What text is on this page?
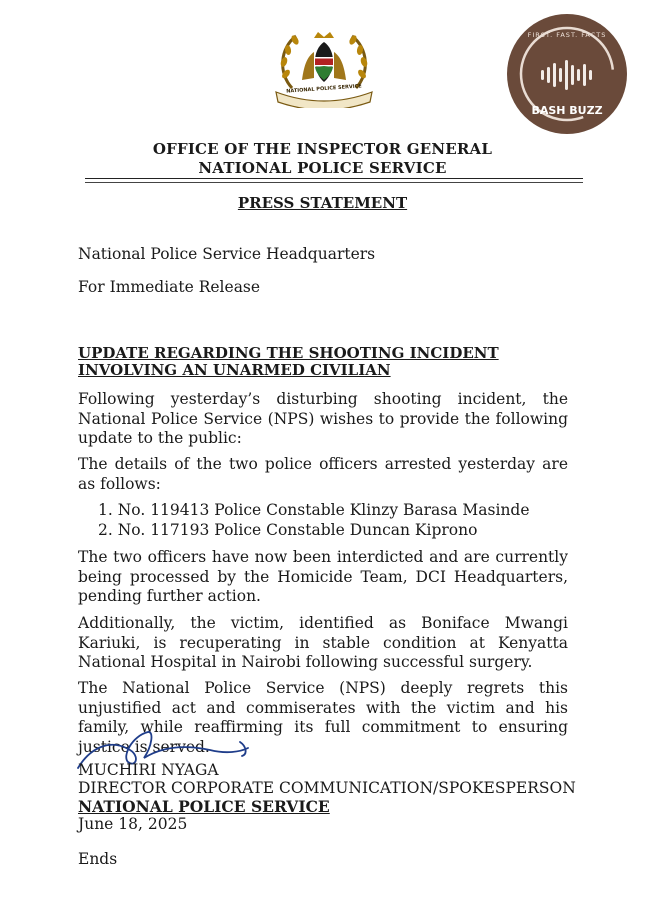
NATIONAL POLICE SERVICE
FIRST. FAST. FACTS
BASH BUZZ
OFFICE OF THE INSPECTOR GENERAL
NATIONAL POLICE SERVICE
PRESS STATEMENT
National Police Service Headquarters
For Immediate Release
UPDATE REGARDING THE SHOOTING INCIDENT INVOLVING AN UNARMED CIVILIAN
Following yesterday’s disturbing shooting incident, the National Police Service (NPS) wishes to provide the following update to the public:
The details of the two police officers arrested yesterday are as follows:
1. No. 119413 Police Constable Klinzy Barasa Masinde
2. No. 117193 Police Constable Duncan Kiprono
The two officers have now been interdicted and are currently being processed by the Homicide Team, DCI Headquarters, pending further action.
Additionally, the victim, identified as Boniface Mwangi Kariuki, is recuperating in stable condition at Kenyatta National Hospital in Nairobi following successful surgery.
The National Police Service (NPS) deeply regrets this unjustified act and commiserates with the victim and his family, while reaffirming its full commitment to ensuring justice is served.
MUCHIRI NYAGA
DIRECTOR CORPORATE COMMUNICATION/SPOKESPERSON
NATIONAL POLICE SERVICE
June 18, 2025
Ends
